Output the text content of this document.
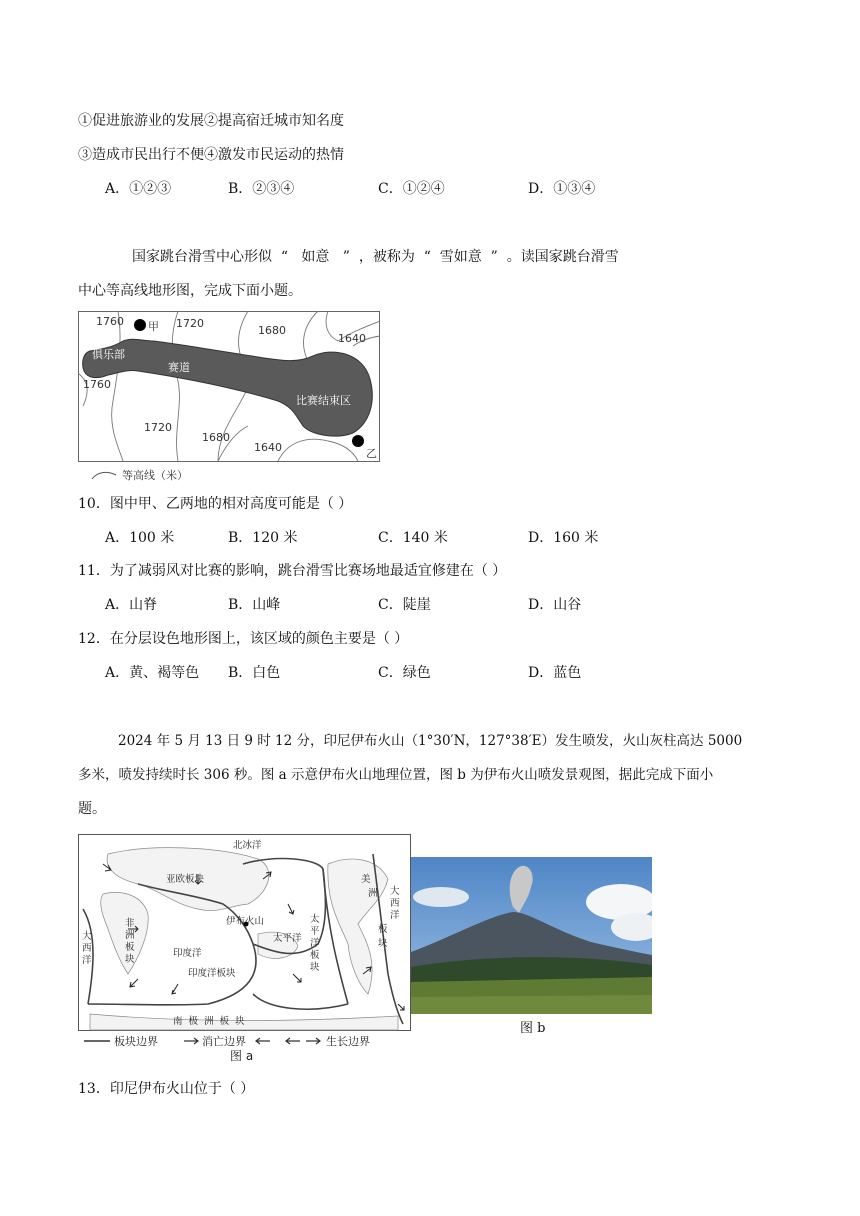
①促进旅游业的发展②提高宿迁城市知名度
③造成市民出行不便④激发市民运动的热情
A．①②③	B．②③④	C．①②④	D．①③④
国家跳台滑雪中心形似  “   如意   ”  ，被称为  “  雪如意  ”  。读国家跳台滑雪
中心等高线地形图，完成下面小题。
1760 甲 1720
1680
1640
俱乐部
赛道
1760
比赛结束区
1720
1680
1640	乙
等高线（米）
10．图中甲、乙两地的相对高度可能是（ ）
A．100 米	B．120 米	C．140 米	D．160 米
11．为了减弱风对比赛的影响，跳台滑雪比赛场地最适宜修建在（ ）
A．山脊	B．山峰	C．陡崖	D．山谷
12．在分层设色地形图上，该区域的颜色主要是（ ）
A．黄、褐等色 B．白色	C．绿色	D．蓝色
2024 年 5 月 13 日 9 时 12 分，印尼伊布火山（1°30′N，127°38′E）发生喷发，火山灰柱高达 5000
多米，喷发持续时长 306 秒。图 a 示意伊布火山地理位置，图 b 为伊布火山喷发景观图，据此完成下面小
题。
北冰洋
亚欧板块	美
洲 大
西
洋
非
洲
板
块
伊布火山	太
平
洋
板
块
太平洋
印度洋
印度洋板块
大
西
洋
板
块
南  极  洲  板  块
板块边界	消亡边界	生长边界
图 a
图 b
13．印尼伊布火山位于（ ）
